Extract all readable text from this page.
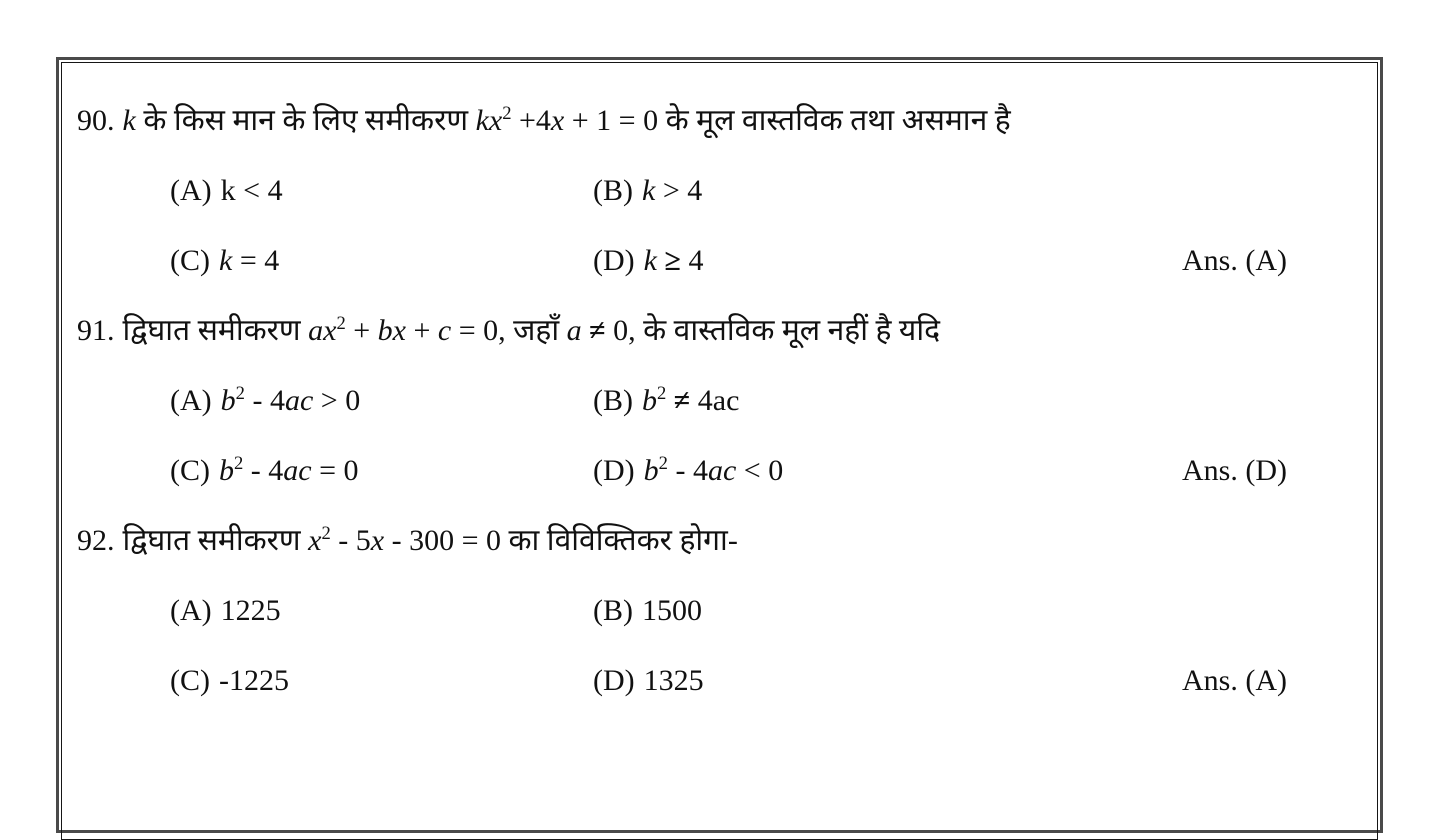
90. k के किस मान के लिए समीकरण $kx^2 +4x + 1 = 0$ के मूल वास्तविक तथा असमान है
(A) k < 4	(B) k > 4
(C) k = 4	(D) k ≥ 4	Ans. (A)
91. द्विघात समीकरण $ax^2$ + bx + c = 0, जहाँ a ≠ 0, के वास्तविक मूल नहीं है यदि
(A) $b^2 - 4ac > 0$	(B) $b^2 \ne 4ac$
(C) $b^2 - 4ac = 0$	(D) $b^2 - 4ac < 0$	Ans. (D)
92. द्विघात समीकरण $x^2 - 5x - 300 = 0$ का विविक्तिकर होगा-
(A) 1225	(B) 1500
(C) -1225	(D) 1325	Ans. (A)
